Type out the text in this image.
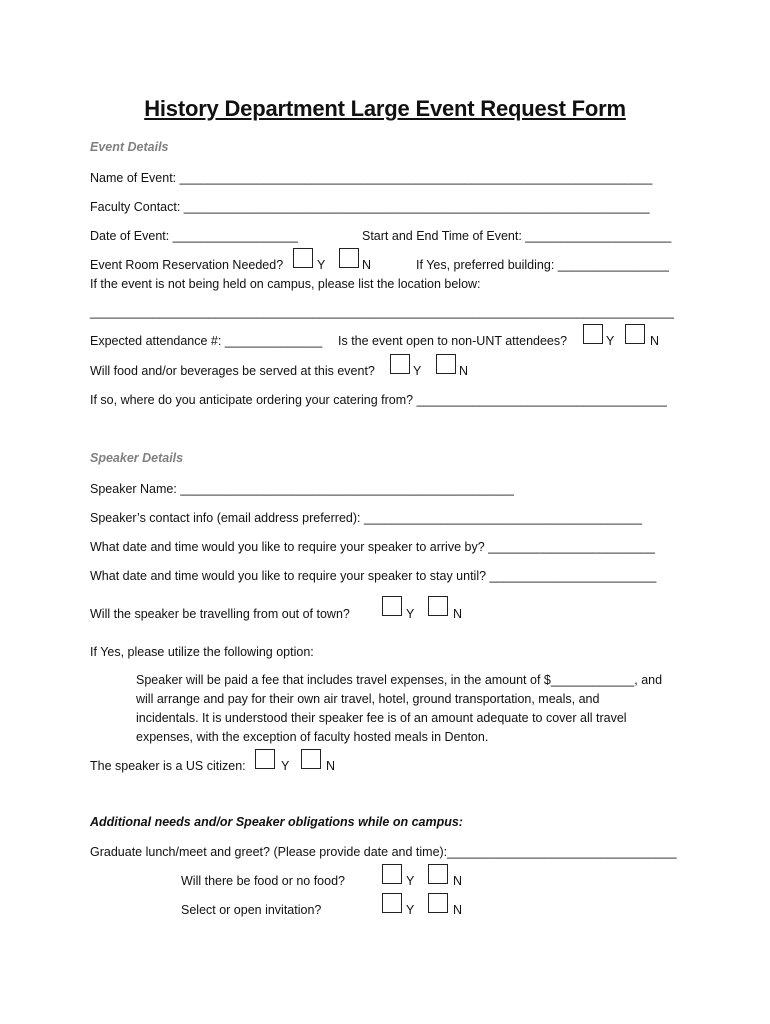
History Department Large Event Request Form
Event Details
Name of Event: ____________________________________________________________________
Faculty Contact: ___________________________________________________________________
Date of Event: __________________	Start and End Time of Event: _____________________
Event Room Reservation Needed?	Y	N	If Yes, preferred building: ________________
If the event is not being held on campus, please list the location below:
____________________________________________________________________________________
Expected attendance #: ______________ Is the event open to non-UNT attendees?	Y	N
Will food and/or beverages be served at this event?	Y	N
If so, where do you anticipate ordering your catering from? ____________________________________
Speaker Details
Speaker Name: ________________________________________________
Speaker’s contact info (email address preferred): ________________________________________
What date and time would you like to require your speaker to arrive by? ________________________
What date and time would you like to require your speaker to stay until? ________________________
Will the speaker be travelling from out of town?	Y	N
If Yes, please utilize the following option:
Speaker will be paid a fee that includes travel expenses, in the amount of $____________, and
will arrange and pay for their own air travel, hotel, ground transportation, meals, and
incidentals. It is understood their speaker fee is of an amount adequate to cover all travel
expenses, with the exception of faculty hosted meals in Denton.
The speaker is a US citizen:	Y	N
Additional needs and/or Speaker obligations while on campus:
Graduate lunch/meet and greet? (Please provide date and time):_________________________________
Will there be food or no food?	Y	N
Select or open invitation?	Y	N
